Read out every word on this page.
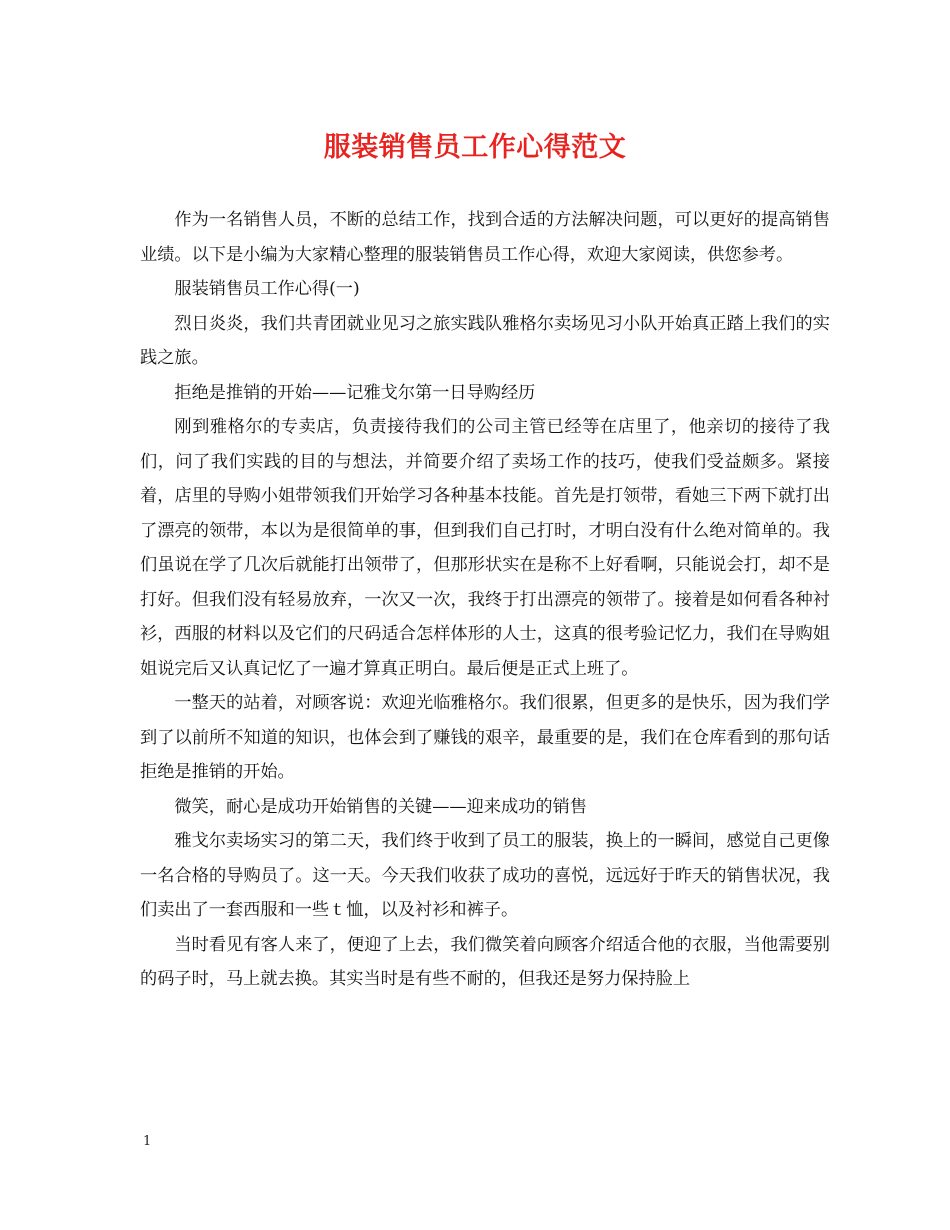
服装销售员工作心得范文

作为一名销售人员，不断的总结工作，找到合适的方法解决问题，可以更好的提高销售业绩。以下是小编为大家精心整理的服装销售员工作心得，欢迎大家阅读，供您参考。

服装销售员工作心得(一)

烈日炎炎，我们共青团就业见习之旅实践队雅格尔卖场见习小队开始真正踏上我们的实践之旅。

拒绝是推销的开始——记雅戈尔第一日导购经历

刚到雅格尔的专卖店，负责接待我们的公司主管已经等在店里了，他亲切的接待了我们，问了我们实践的目的与想法，并简要介绍了卖场工作的技巧，使我们受益颇多。紧接着，店里的导购小姐带领我们开始学习各种基本技能。首先是打领带，看她三下两下就打出了漂亮的领带，本以为是很简单的事，但到我们自己打时，才明白没有什么绝对简单的。我们虽说在学了几次后就能打出领带了，但那形状实在是称不上好看啊，只能说会打，却不是打好。但我们没有轻易放弃，一次又一次，我终于打出漂亮的领带了。接着是如何看各种衬衫，西服的材料以及它们的尺码适合怎样体形的人士，这真的很考验记忆力，我们在导购姐姐说完后又认真记忆了一遍才算真正明白。最后便是正式上班了。

一整天的站着，对顾客说：欢迎光临雅格尔。我们很累，但更多的是快乐，因为我们学到了以前所不知道的知识，也体会到了赚钱的艰辛，最重要的是，我们在仓库看到的那句话拒绝是推销的开始。

微笑，耐心是成功开始销售的关键——迎来成功的销售

雅戈尔卖场实习的第二天，我们终于收到了员工的服装，换上的一瞬间，感觉自己更像一名合格的导购员了。这一天。今天我们收获了成功的喜悦，远远好于昨天的销售状况，我们卖出了一套西服和一些ｔ恤，以及衬衫和裤子。

当时看见有客人来了，便迎了上去，我们微笑着向顾客介绍适合他的衣服，当他需要别的码子时，马上就去换。其实当时是有些不耐的，但我还是努力保持脸上

1
